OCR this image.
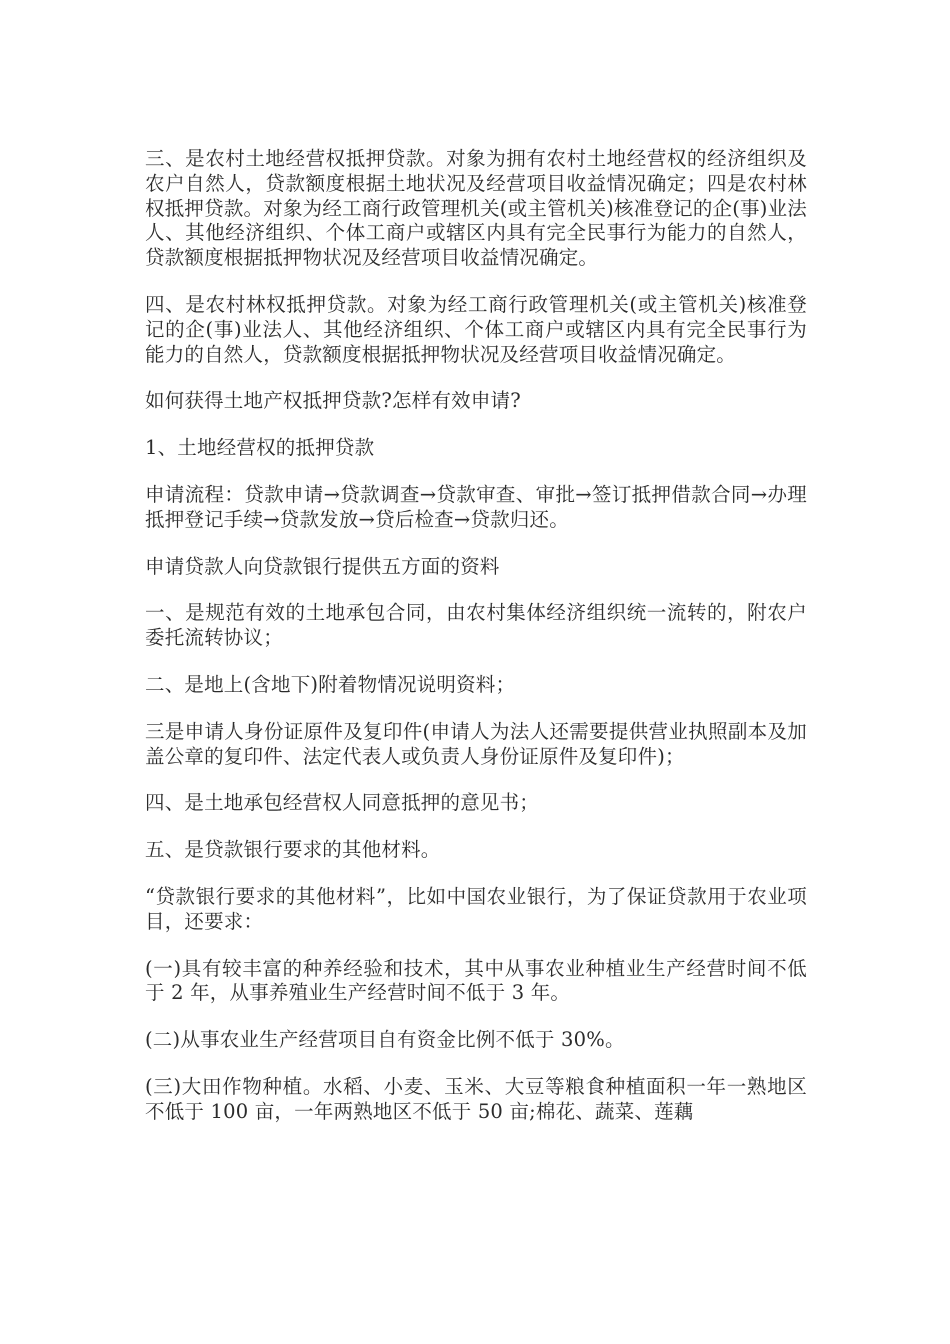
三、是农村土地经营权抵押贷款。对象为拥有农村土地经营权的经济组织及农户自然人，贷款额度根据土地状况及经营项目收益情况确定；四是农村林权抵押贷款。对象为经工商行政管理机关(或主管机关)核准登记的企(事)业法人、其他经济组织、个体工商户或辖区内具有完全民事行为能力的自然人，贷款额度根据抵押物状况及经营项目收益情况确定。

四、是农村林权抵押贷款。对象为经工商行政管理机关(或主管机关)核准登记的企(事)业法人、其他经济组织、个体工商户或辖区内具有完全民事行为能力的自然人，贷款额度根据抵押物状况及经营项目收益情况确定。

如何获得土地产权抵押贷款?怎样有效申请?

1、土地经营权的抵押贷款

申请流程：贷款申请→贷款调查→贷款审查、审批→签订抵押借款合同→办理抵押登记手续→贷款发放→贷后检查→贷款归还。

申请贷款人向贷款银行提供五方面的资料

一、是规范有效的土地承包合同，由农村集体经济组织统一流转的，附农户委托流转协议；

二、是地上(含地下)附着物情况说明资料；

三是申请人身份证原件及复印件(申请人为法人还需要提供营业执照副本及加盖公章的复印件、法定代表人或负责人身份证原件及复印件)；

四、是土地承包经营权人同意抵押的意见书；

五、是贷款银行要求的其他材料。

“贷款银行要求的其他材料”，比如中国农业银行，为了保证贷款用于农业项目，还要求：

(一)具有较丰富的种养经验和技术，其中从事农业种植业生产经营时间不低于 2 年，从事养殖业生产经营时间不低于 3 年。

(二)从事农业生产经营项目自有资金比例不低于 30%。

(三)大田作物种植。水稻、小麦、玉米、大豆等粮食种植面积一年一熟地区不低于 100 亩，一年两熟地区不低于 50 亩;棉花、蔬菜、莲藕
